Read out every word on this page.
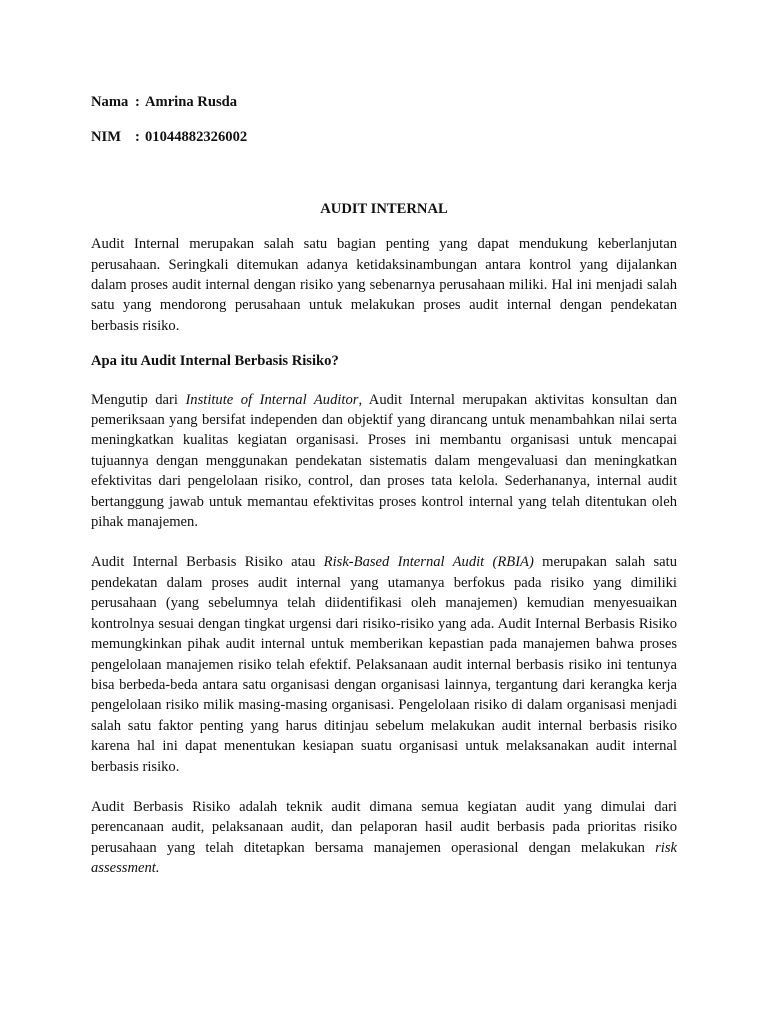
Nama : Amrina Rusda

NIM : 01044882326002

AUDIT INTERNAL

Audit Internal merupakan salah satu bagian penting yang dapat mendukung keberlanjutan perusahaan. Seringkali ditemukan adanya ketidaksinambungan antara kontrol yang dijalankan dalam proses audit internal dengan risiko yang sebenarnya perusahaan miliki. Hal ini menjadi salah satu yang mendorong perusahaan untuk melakukan proses audit internal dengan pendekatan berbasis risiko.

Apa itu Audit Internal Berbasis Risiko?

Mengutip dari Institute of Internal Auditor, Audit Internal merupakan aktivitas konsultan dan pemeriksaan yang bersifat independen dan objektif yang dirancang untuk menambahkan nilai serta meningkatkan kualitas kegiatan organisasi. Proses ini membantu organisasi untuk mencapai tujuannya dengan menggunakan pendekatan sistematis dalam mengevaluasi dan meningkatkan efektivitas dari pengelolaan risiko, control, dan proses tata kelola. Sederhananya, internal audit bertanggung jawab untuk memantau efektivitas proses kontrol internal yang telah ditentukan oleh pihak manajemen.

Audit Internal Berbasis Risiko atau Risk-Based Internal Audit (RBIA) merupakan salah satu pendekatan dalam proses audit internal yang utamanya berfokus pada risiko yang dimiliki perusahaan (yang sebelumnya telah diidentifikasi oleh manajemen) kemudian menyesuaikan kontrolnya sesuai dengan tingkat urgensi dari risiko-risiko yang ada. Audit Internal Berbasis Risiko memungkinkan pihak audit internal untuk memberikan kepastian pada manajemen bahwa proses pengelolaan manajemen risiko telah efektif. Pelaksanaan audit internal berbasis risiko ini tentunya bisa berbeda-beda antara satu organisasi dengan organisasi lainnya, tergantung dari kerangka kerja pengelolaan risiko milik masing-masing organisasi. Pengelolaan risiko di dalam organisasi menjadi salah satu faktor penting yang harus ditinjau sebelum melakukan audit internal berbasis risiko karena hal ini dapat menentukan kesiapan suatu organisasi untuk melaksanakan audit internal berbasis risiko.

Audit Berbasis Risiko adalah teknik audit dimana semua kegiatan audit yang dimulai dari perencanaan audit, pelaksanaan audit, dan pelaporan hasil audit berbasis pada prioritas risiko perusahaan yang telah ditetapkan bersama manajemen operasional dengan melakukan risk assessment.
